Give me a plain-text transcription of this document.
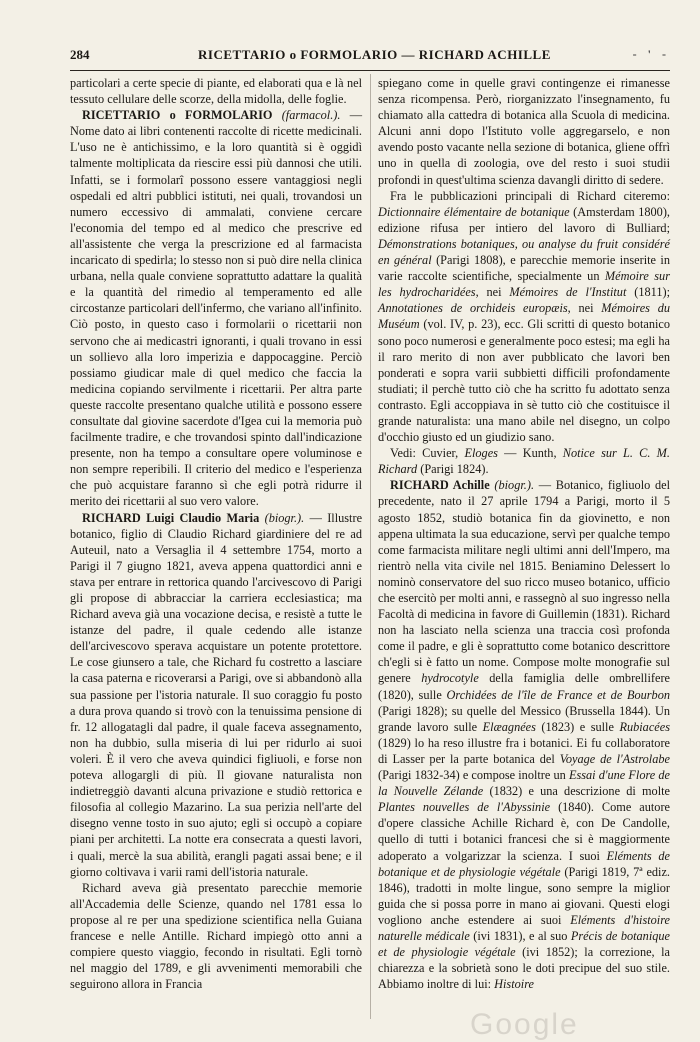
284	RICETTARIO o FORMOLARIO — RICHARD ACHILLE	- ' -

particolari a certe specie di piante, ed elaborati qua e là nel tessuto cellulare delle scorze, della midolla, delle foglie.

RICETTARIO o FORMOLARIO (farmacol.). — Nome dato ai libri contenenti raccolte di ricette medicinali. L'uso ne è antichissimo, e la loro quantità si è oggidì talmente moltiplicata da riescire essi più dannosi che utili. Infatti, se i formolarî possono essere vantaggiosi negli ospedali ed altri pubblici istituti, nei quali, trovandosi un numero eccessivo di ammalati, conviene cercare l'economia del tempo ed al medico che prescrive ed all'assistente che verga la prescrizione ed al farmacista incaricato di spedirla; lo stesso non si può dire nella clinica urbana, nella quale conviene soprattutto adattare la qualità e la quantità del rimedio al temperamento ed alle circostanze particolari dell'infermo, che variano all'infinito. Ciò posto, in questo caso i formolarii o ricettarii non servono che ai medicastri ignoranti, i quali trovano in essi un sollievo alla loro imperizia e dappocaggine. Perciò possiamo giudicar male di quel medico che faccia la medicina copiando servilmente i ricettarii. Per altra parte queste raccolte presentano qualche utilità e possono essere consultate dal giovine sacerdote d'Igea cui la memoria può facilmente tradire, e che trovandosi spinto dall'indicazione presente, non ha tempo a consultare opere voluminose e non sempre reperibili. Il criterio del medico e l'esperienza che può acquistare faranno sì che egli potrà ridurre il merito dei ricettarii al suo vero valore.

RICHARD Luigi Claudio Maria (biogr.). — Illustre botanico, figlio di Claudio Richard giardiniere del re ad Auteuil, nato a Versaglia il 4 settembre 1754, morto a Parigi il 7 giugno 1821, aveva appena quattordici anni e stava per entrare in rettorica quando l'arcivescovo di Parigi gli propose di abbracciar la carriera ecclesiastica; ma Richard aveva già una vocazione decisa, e resistè a tutte le istanze del padre, il quale cedendo alle istanze dell'arcivescovo sperava acquistare un potente protettore. Le cose giunsero a tale, che Richard fu costretto a lasciare la casa paterna e ricoverarsi a Parigi, ove si abbandonò alla sua passione per l'istoria naturale. Il suo coraggio fu posto a dura prova quando si trovò con la tenuissima pensione di fr. 12 allogatagli dal padre, il quale faceva assegnamento, non ha dubbio, sulla miseria di lui per ridurlo ai suoi voleri. È il vero che aveva quindici figliuoli, e forse non poteva allogargli di più. Il giovane naturalista non indietreggiò davanti alcuna privazione e studiò rettorica e filosofia al collegio Mazarino. La sua perizia nell'arte del disegno venne tosto in suo ajuto; egli si occupò a copiare piani per architetti. La notte era consecrata a questi lavori, i quali, mercè la sua abilità, erangli pagati assai bene; e il giorno coltivava i varii rami dell'istoria naturale.

Richard aveva già presentato parecchie memorie all'Accademia delle Scienze, quando nel 1781 essa lo propose al re per una spedizione scientifica nella Guiana francese e nelle Antille. Richard impiegò otto anni a compiere questo viaggio, fecondo in risultati. Egli tornò nel maggio del 1789, e gli avvenimenti memorabili che seguirono allora in Francia

spiegano come in quelle gravi contingenze ei rimanesse senza ricompensa. Però, riorganizzato l'insegnamento, fu chiamato alla cattedra di botanica alla Scuola di medicina. Alcuni anni dopo l'Istituto volle aggregarselo, e non avendo posto vacante nella sezione di botanica, gliene offrì uno in quella di zoologia, ove del resto i suoi studii profondi in quest'ultima scienza davangli diritto di sedere.

Fra le pubblicazioni principali di Richard citeremo: Dictionnaire élémentaire de botanique (Amsterdam 1800), edizione rifusa per intiero del lavoro di Bulliard; Démonstrations botaniques, ou analyse du fruit considéré en général (Parigi 1808), e parecchie memorie inserite in varie raccolte scientifiche, specialmente un Mémoire sur les hydrocharidées, nei Mémoires de l'Institut (1811); Annotationes de orchideis europæis, nei Mémoires du Muséum (vol. IV, p. 23), ecc. Gli scritti di questo botanico sono poco numerosi e generalmente poco estesi; ma egli ha il raro merito di non aver pubblicato che lavori ben ponderati e sopra varii subbietti difficili profondamente studiati; il perchè tutto ciò che ha scritto fu adottato senza contrasto. Egli accoppiava in sè tutto ciò che costituisce il grande naturalista: una mano abile nel disegno, un colpo d'occhio giusto ed un giudizio sano.

Vedi: Cuvier, Eloges — Kunth, Notice sur L. C. M. Richard (Parigi 1824).

RICHARD Achille (biogr.). — Botanico, figliuolo del precedente, nato il 27 aprile 1794 a Parigi, morto il 5 agosto 1852, studiò botanica fin da giovinetto, e non appena ultimata la sua educazione, servì per qualche tempo come farmacista militare negli ultimi anni dell'Impero, ma rientrò nella vita civile nel 1815. Beniamino Delessert lo nominò conservatore del suo ricco museo botanico, ufficio che esercitò per molti anni, e rassegnò al suo ingresso nella Facoltà di medicina in favore di Guillemin (1831). Richard non ha lasciato nella scienza una traccia così profonda come il padre, e gli è soprattutto come botanico descrittore ch'egli si è fatto un nome. Compose molte monografie sul genere hydrocotyle della famiglia delle ombrellifere (1820), sulle Orchidées de l'île de France et de Bourbon (Parigi 1828); su quelle del Messico (Brussella 1844). Un grande lavoro sulle Elæagnées (1823) e sulle Rubiacées (1829) lo ha reso illustre fra i botanici. Ei fu collaboratore di Lasser per la parte botanica del Voyage de l'Astrolabe (Parigi 1832-34) e compose inoltre un Essai d'une Flore de la Nouvelle Zélande (1832) e una descrizione di molte Plantes nouvelles de l'Abyssinie (1840). Come autore d'opere classiche Achille Richard è, con De Candolle, quello di tutti i botanici francesi che si è maggiormente adoperato a volgarizzar la scienza. I suoi Eléments de botanique et de physiologie végétale (Parigi 1819, 7ª ediz. 1846), tradotti in molte lingue, sono sempre la miglior guida che si possa porre in mano ai giovani. Questi elogi vogliono anche estendere ai suoi Eléments d'histoire naturelle médicale (ivi 1831), e al suo Précis de botanique et de physiologie végétale (ivi 1852); la correzione, la chiarezza e la sobrietà sono le doti precipue del suo stile. Abbiamo inoltre di lui: Histoire

Google
